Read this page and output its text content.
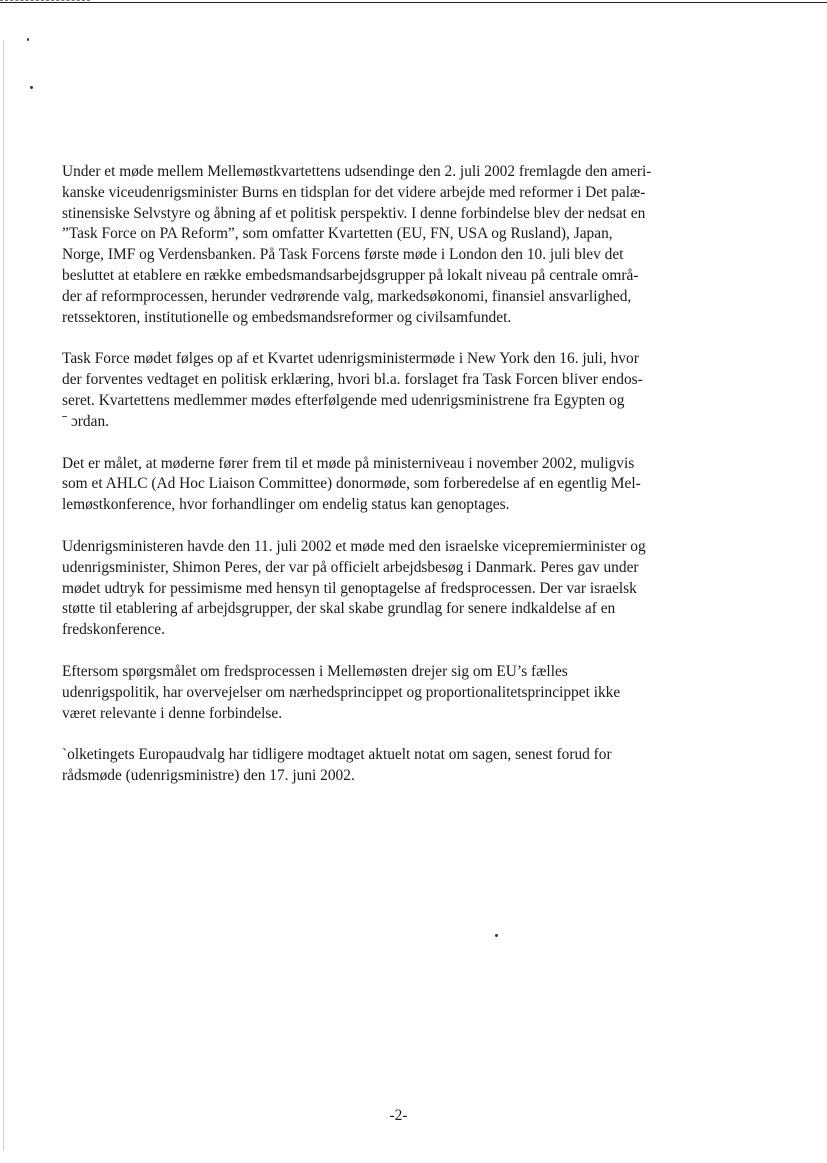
Under et møde mellem Mellemøstkvartettens udsendinge den 2. juli 2002 fremlagde den ameri-
kanske viceudenrigsminister Burns en tidsplan for det videre arbejde med reformer i Det palæ-
stinensiske Selvstyre og åbning af et politisk perspektiv. I denne forbindelse blev der nedsat en
”Task Force on PA Reform”, som omfatter Kvartetten (EU, FN, USA og Rusland), Japan,
Norge, IMF og Verdensbanken. På Task Forcens første møde i London den 10. juli blev det
besluttet at etablere en række embedsmandsarbejdsgrupper på lokalt niveau på centrale områ-
der af reformprocessen, herunder vedrørende valg, markedsøkonomi, finansiel ansvarlighed,
retssektoren, institutionelle og embedsmandsreformer og civilsamfundet.

Task Force mødet følges op af et Kvartet udenrigsministermøde i New York den 16. juli, hvor
der forventes vedtaget en politisk erklæring, hvori bl.a. forslaget fra Task Forcen bliver endos-
seret. Kvartettens medlemmer mødes efterfølgende med udenrigsministrene fra Egypten og
ˉ ɔrdan.

Det er målet, at møderne fører frem til et møde på ministerniveau i november 2002, muligvis
som et AHLC (Ad Hoc Liaison Committee) donormøde, som forberedelse af en egentlig Mel-
lemøstkonference, hvor forhandlinger om endelig status kan genoptages.

Udenrigsministeren havde den 11. juli 2002 et møde med den israelske vicepremierminister og
udenrigsminister, Shimon Peres, der var på officielt arbejdsbesøg i Danmark. Peres gav under
mødet udtryk for pessimisme med hensyn til genoptagelse af fredsprocessen. Der var israelsk
støtte til etablering af arbejdsgrupper, der skal skabe grundlag for senere indkaldelse af en
fredskonference.

Eftersom spørgsmålet om fredsprocessen i Mellemøsten drejer sig om EU’s fælles
udenrigspolitik, har overvejelser om nærhedsprincippet og proportionalitetsprincippet ikke
været relevante i denne forbindelse.

ˋolketingets Europaudvalg har tidligere modtaget aktuelt notat om sagen, senest forud for
rådsmøde (udenrigsministre) den 17. juni 2002.

-2-
